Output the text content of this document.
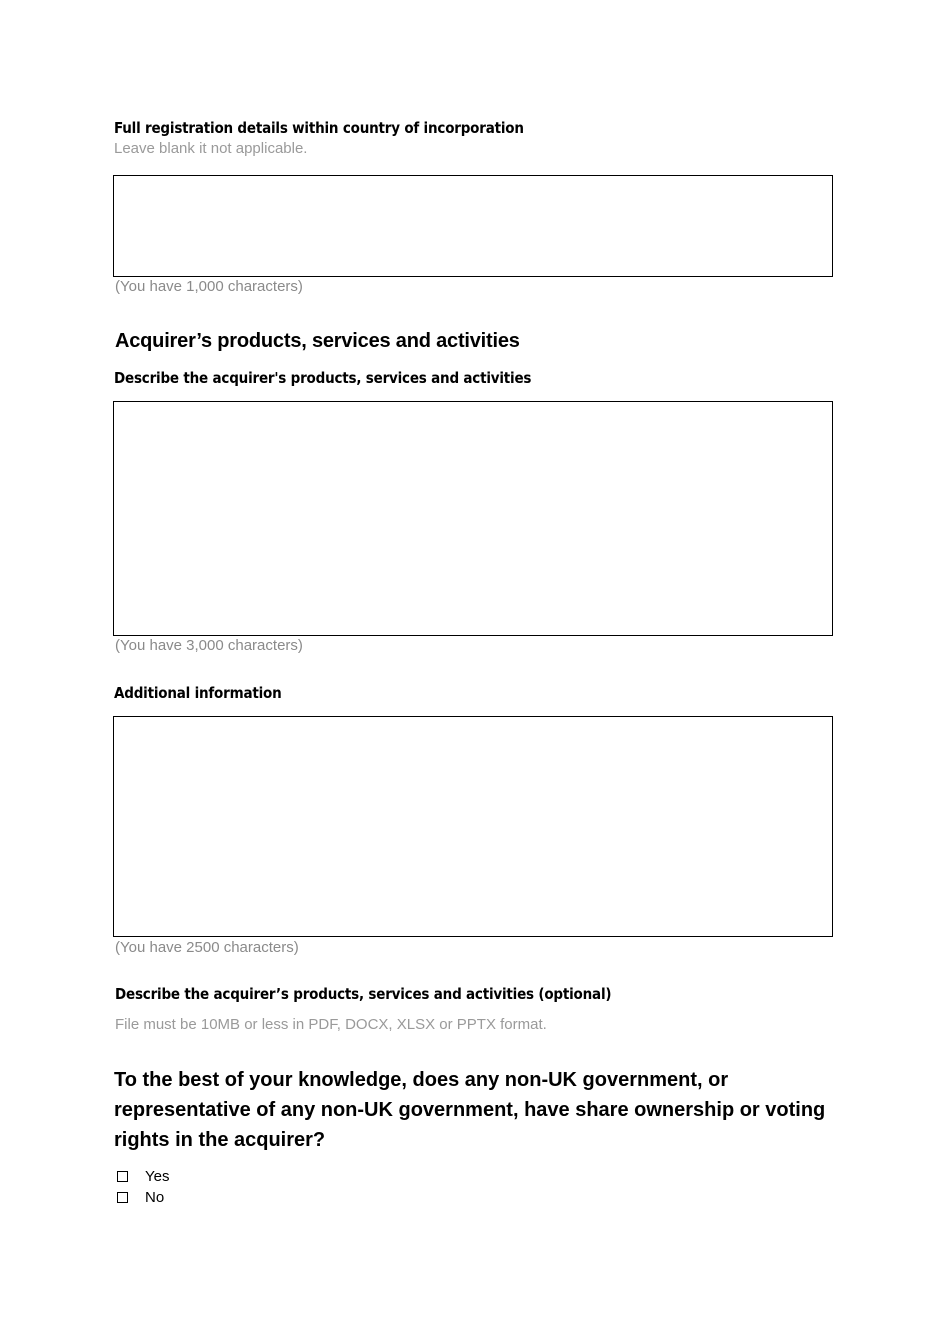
Full registration details within country of incorporation
Leave blank it not applicable.
(You have 1,000 characters)
Acquirer’s products, services and activities
Describe the acquirer's products, services and activities
(You have 3,000 characters)
Additional information
(You have 2500 characters)
Describe the acquirer’s products, services and activities (optional)
File must be 10MB or less in PDF, DOCX, XLSX or PPTX format.
To the best of your knowledge, does any non-UK government, or representative of any non-UK government, have share ownership or voting rights in the acquirer?
Yes
No
